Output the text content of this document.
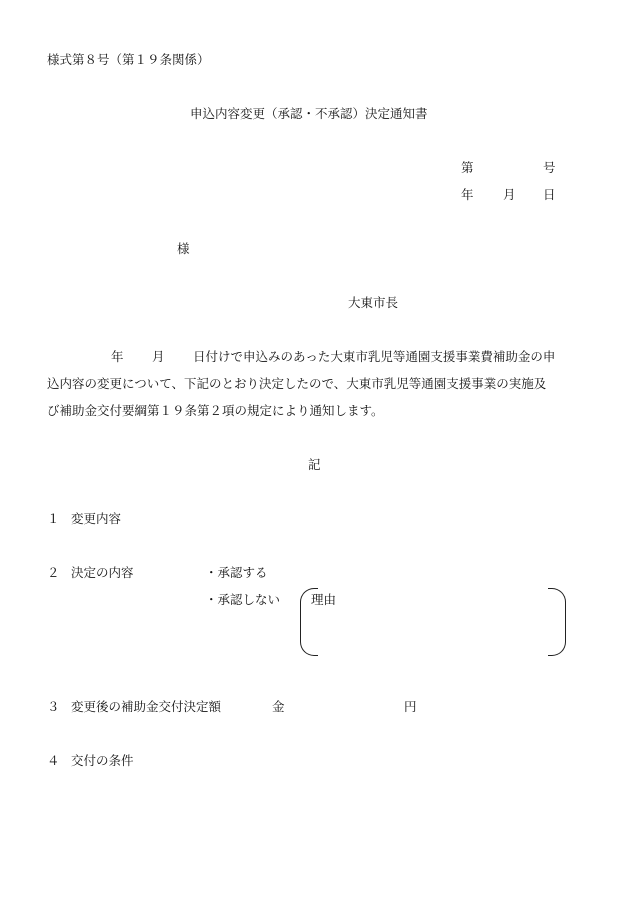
様式第８号（第１９条関係）
申込内容変更（承認・不承認）決定通知書
第	号
年 月 日
様
大東市長
年 月 日付けで申込みのあった大東市乳児等通園支援事業費補助金の申
込内容の変更について、下記のとおり決定したので、大東市乳児等通園支援事業の実施及
び補助金交付要綱第１９条第２項の規定により通知します。
記
１ 変更内容
２ 決定の内容	・承認する
・承認しない 理由
３ 変更後の補助金交付決定額	金	円
４ 交付の条件
